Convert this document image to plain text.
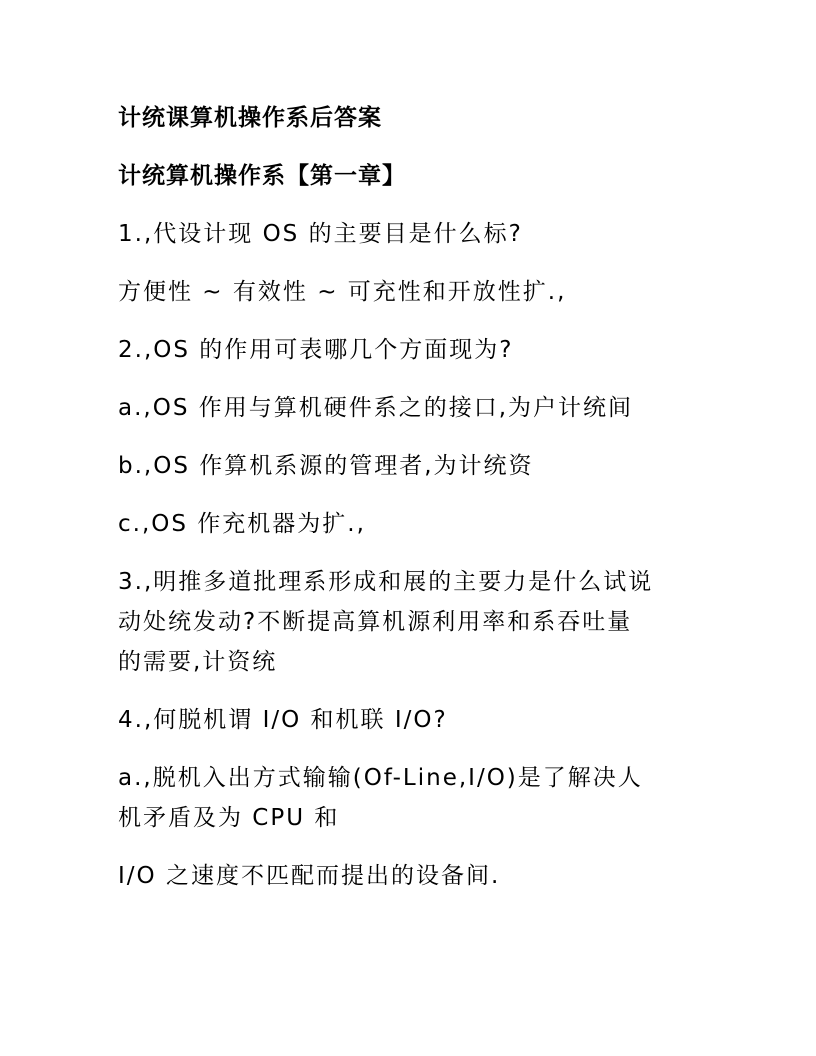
计统课算机操作系后答案
计统算机操作系【第一章】
1.,代设计现 OS 的主要目是什么标?
方便性 ~ 有效性 ~ 可充性和开放性扩.,
2.,OS 的作用可表哪几个方面现为?
a.,OS 作用与算机硬件系之的接口,为户计统间
b.,OS 作算机系源的管理者,为计统资
c.,OS 作充机器为扩.,
3.,明推多道批理系形成和展的主要力是什么试说
动处统发动?不断提高算机源利用率和系吞吐量
的需要,计资统
4.,何脱机谓 I/O 和机联 I/O?
a.,脱机入出方式输输(Of-Line,I/O)是了解决人
机矛盾及为 CPU 和
I/O 之速度不匹配而提出的设备间.
